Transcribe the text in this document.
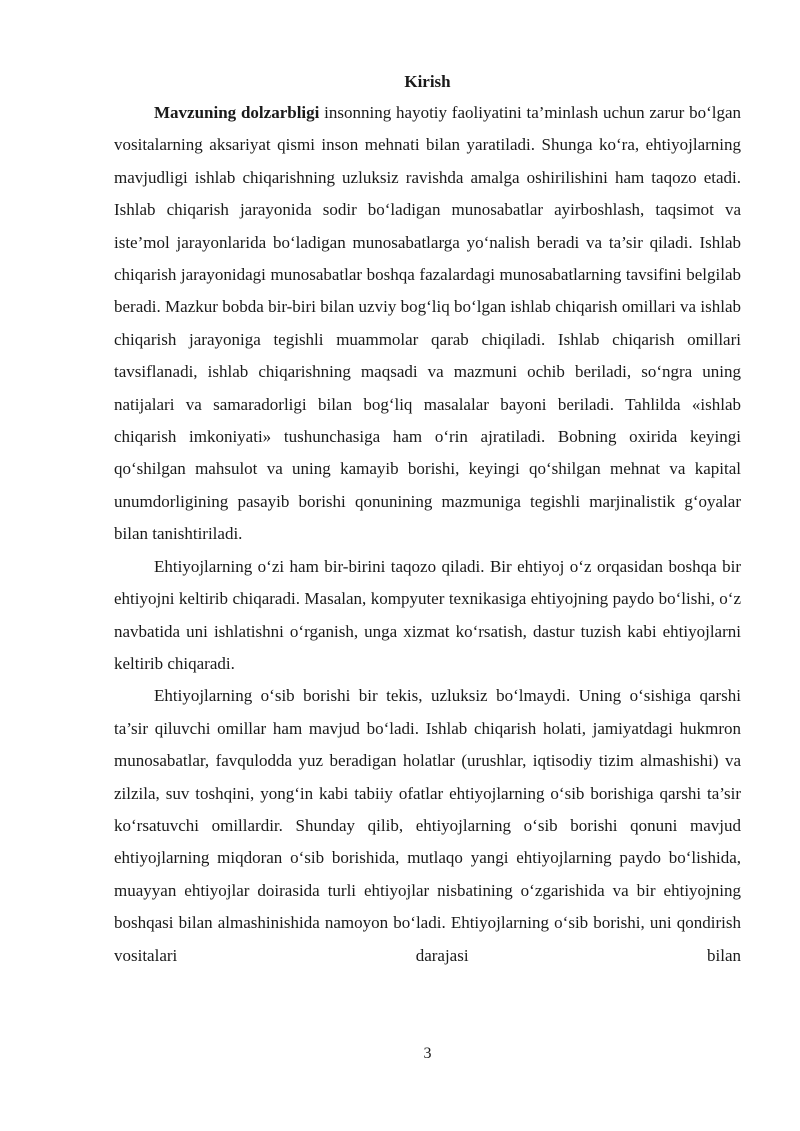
Kirish

Mavzuning dolzarbligi insonning hayotiy faoliyatini ta’minlash uchun zarur bo‘lgan vositalarning aksariyat qismi inson mehnati bilan yaratiladi. Shunga ko‘ra, ehtiyojlarning mavjudligi ishlab chiqarishning uzluksiz ravishda amalga oshirilishini ham taqozo etadi. Ishlab chiqarish jarayonida sodir bo‘ladigan munosabatlar ayirboshlash, taqsimot va iste’mol jarayonlarida bo‘ladigan munosabatlarga yo‘nalish beradi va ta’sir qiladi. Ishlab chiqarish jarayonidagi munosabatlar boshqa fazalardagi munosabatlarning tavsifini belgilab beradi. Mazkur bobda bir-biri bilan uzviy bog‘liq bo‘lgan ishlab chiqarish omillari va ishlab chiqarish jarayoniga tegishli muammolar qarab chiqiladi. Ishlab chiqarish omillari tavsiflanadi, ishlab chiqarishning maqsadi va mazmuni ochib beriladi, so‘ngra uning natijalari va samaradorligi bilan bog‘liq masalalar bayoni beriladi. Tahlilda «ishlab chiqarish imkoniyati» tushunchasiga ham o‘rin ajratiladi. Bobning oxirida keyingi qo‘shilgan mahsulot va uning kamayib borishi, keyingi qo‘shilgan mehnat va kapital unumdorligining pasayib borishi qonunining mazmuniga tegishli marjinalistik g‘oyalar bilan tanishtiriladi.

Ehtiyojlarning o‘zi ham bir-birini taqozo qiladi. Bir ehtiyoj o‘z orqasidan boshqa bir ehtiyojni keltirib chiqaradi. Masalan, kompyuter texnikasiga ehtiyojning paydo bo‘lishi, o‘z navbatida uni ishlatishni o‘rganish, unga xizmat ko‘rsatish, dastur tuzish kabi ehtiyojlarni keltirib chiqaradi.

Ehtiyojlarning o‘sib borishi bir tekis, uzluksiz bo‘lmaydi. Uning o‘sishiga qarshi ta’sir qiluvchi omillar ham mavjud bo‘ladi. Ishlab chiqarish holati, jamiyatdagi hukmron munosabatlar, favqulodda yuz beradigan holatlar (urushlar, iqtisodiy tizim almashishi) va zilzila, suv toshqini, yong‘in kabi tabiiy ofatlar ehtiyojlarning o‘sib borishiga qarshi ta’sir ko‘rsatuvchi omillardir. Shunday qilib, ehtiyojlarning o‘sib borishi qonuni mavjud ehtiyojlarning miqdoran o‘sib borishida, mutlaqo yangi ehtiyojlarning paydo bo‘lishida, muayyan ehtiyojlar doirasida turli ehtiyojlar nisbatining o‘zgarishida va bir ehtiyojning boshqasi bilan almashinishida namoyon bo‘ladi. Ehtiyojlarning o‘sib borishi, uni qondirish vositalari darajasi bilan

3
